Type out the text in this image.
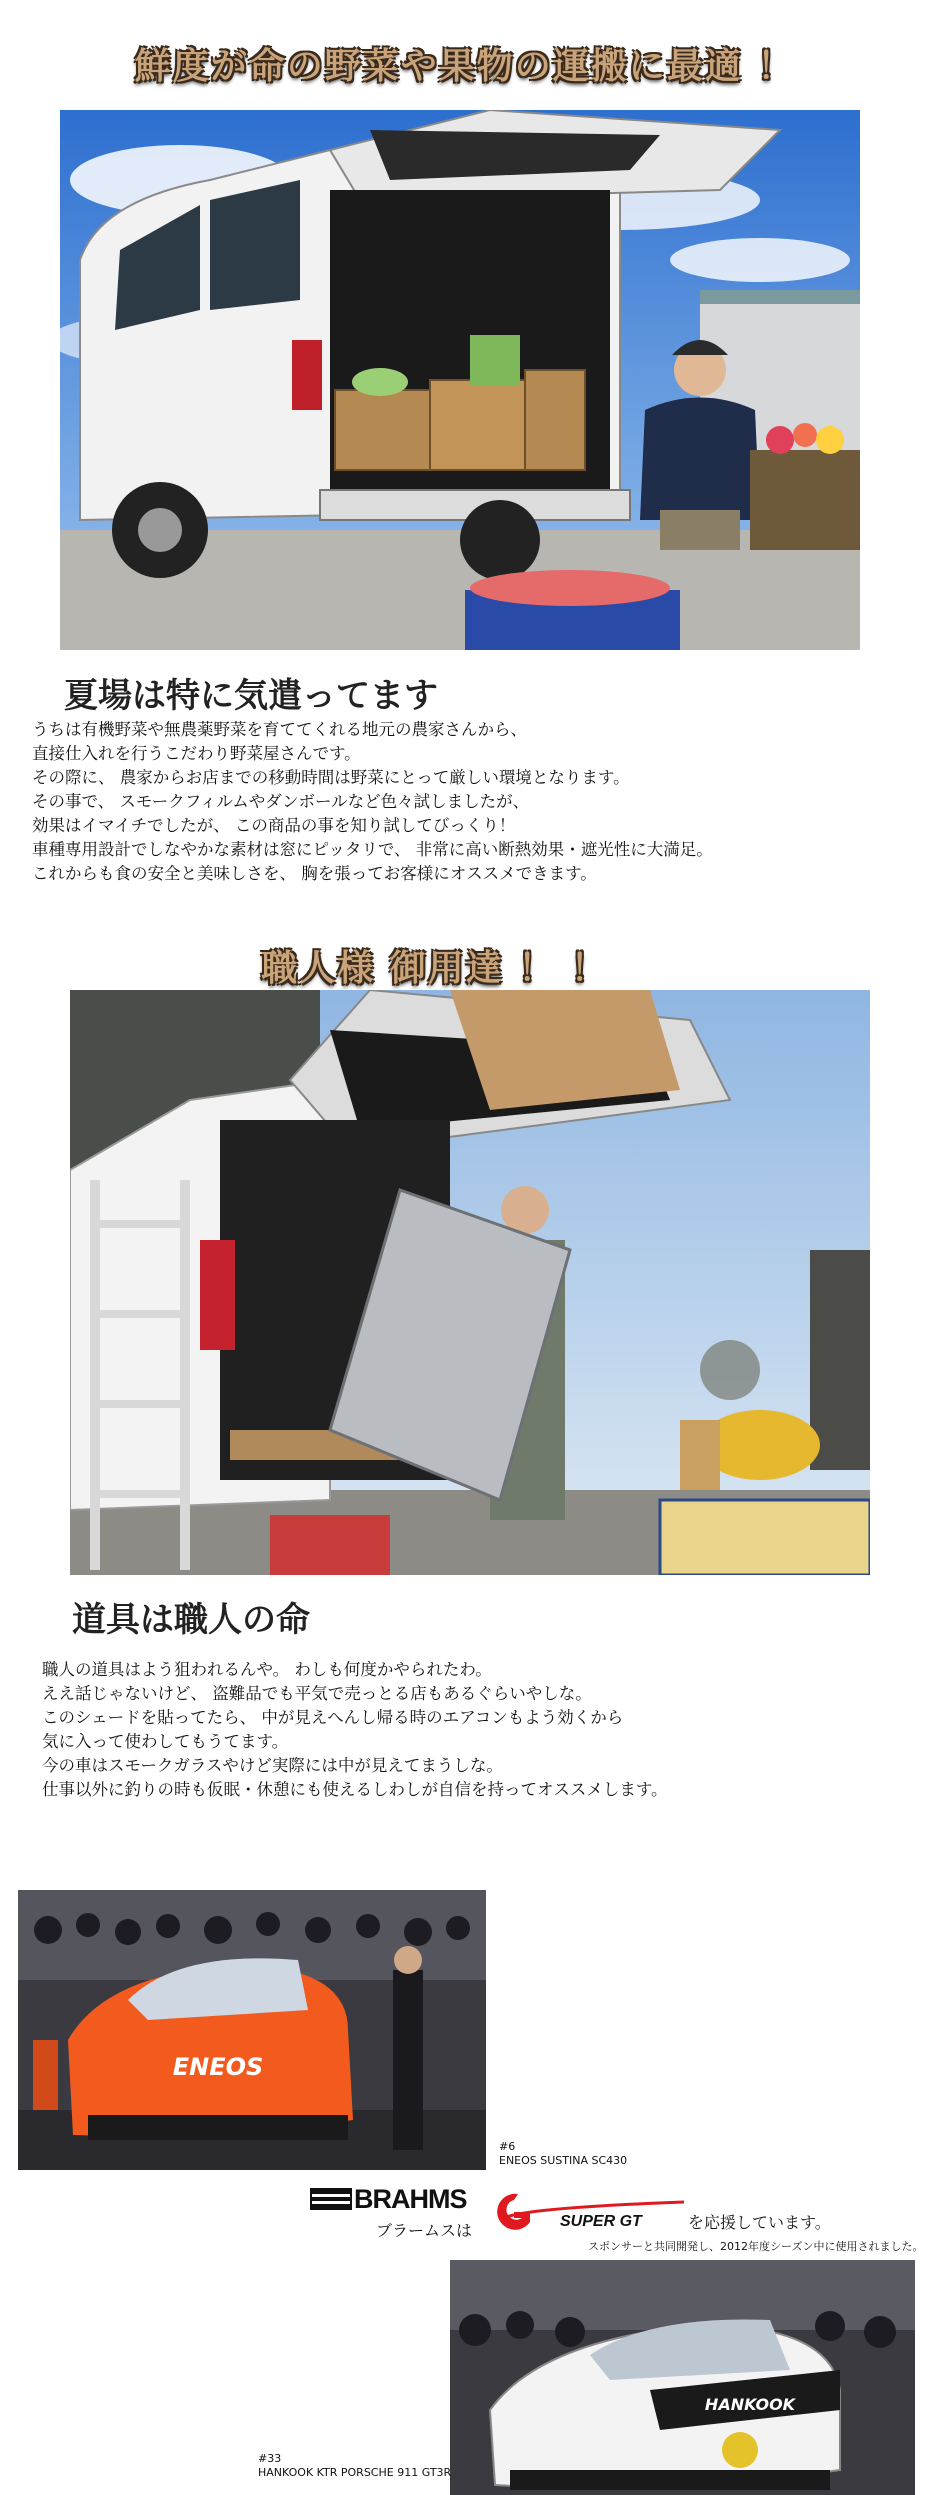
鮮度が命の野菜や果物の運搬に最適 ！
夏場は特に気遣ってます
うちは有機野菜や無農薬野菜を育ててくれる地元の農家さんから、
直接仕入れを行うこだわり野菜屋さんです。
その際に、 農家からお店までの移動時間は野菜にとって厳しい環境となります。
その事で、 スモークフィルムやダンボールなど色々試しましたが、
効果はイマイチでしたが、 この商品の事を知り試してびっくり！
車種専用設計でしなやかな素材は窓にピッタリで、 非常に高い断熱効果・遮光性に大満足。
これからも食の安全と美味しさを、 胸を張ってお客様にオススメできます。
職人様 御用達 ！ ！
道具は職人の命
職人の道具はよう狙われるんや。 わしも何度かやられたわ。
ええ話じゃないけど、 盗難品でも平気で売っとる店もあるぐらいやしな。
このシェードを貼ってたら、 中が見えへんし帰る時のエアコンもよう効くから
気に入って使わしてもうてます。
今の車はスモークガラスやけど実際には中が見えてまうしな。
仕事以外に釣りの時も仮眠・休憩にも使えるしわしが自信を持ってオススメします。
ENEOS
#6
ENEOS SUSTINA SC430
BRAHMS
ブラームスは	SUPER GT	を応援しています。
スポンサーと共同開発し、2012年度シーズン中に使用されました。
HANKOOK
#33
HANKOOK KTR PORSCHE 911 GT3R
